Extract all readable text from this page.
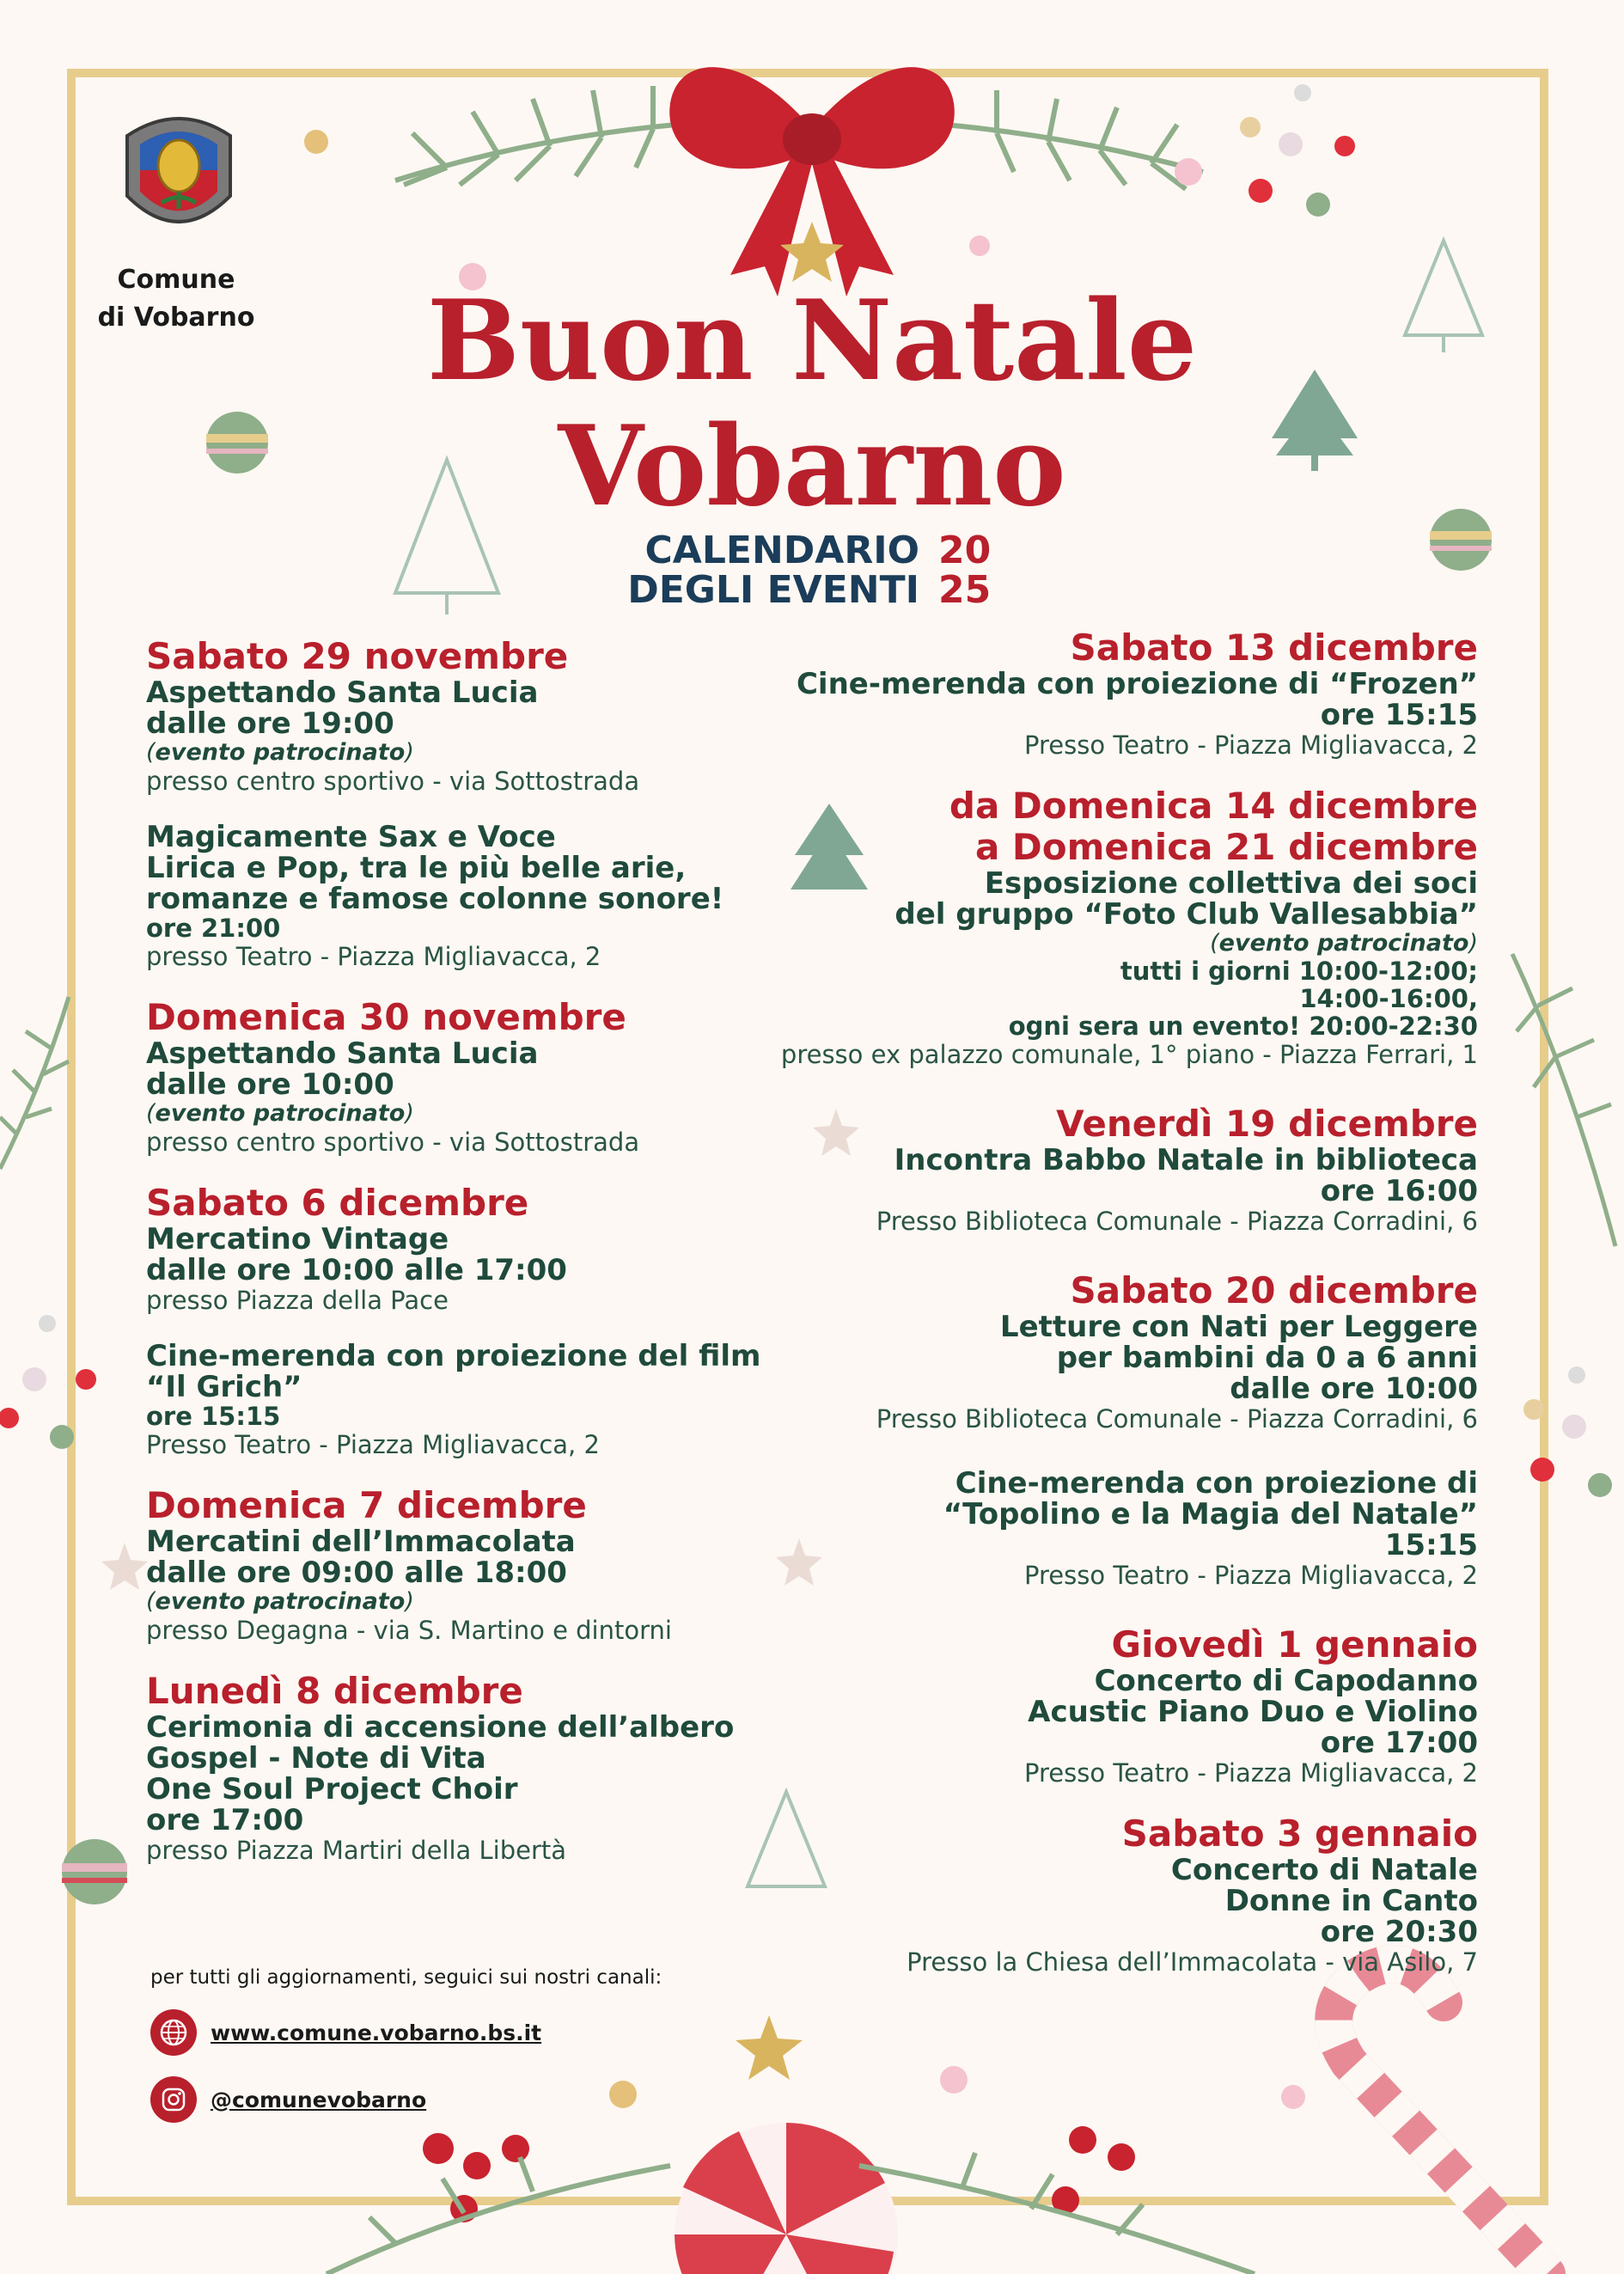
Comune
di Vobarno	Buon Natale
Vobarno
CALENDARIO
DEGLI EVENTI
20
25
Sabato 29 novembre
Aspettando Santa Lucia
dalle ore 19:00
(evento patrocinato)
presso centro sportivo - via Sottostrada
Magicamente Sax e Voce
Lirica e Pop, tra le più belle arie,
romanze e famose colonne sonore!
ore 21:00
presso Teatro - Piazza Migliavacca, 2
Domenica 30 novembre
Aspettando Santa Lucia
dalle ore 10:00
(evento patrocinato)
presso centro sportivo - via Sottostrada
Sabato 6 dicembre
Mercatino Vintage
dalle ore 10:00 alle 17:00
presso Piazza della Pace
Cine-merenda con proiezione del film
“Il Grich”
ore 15:15
Presso Teatro - Piazza Migliavacca, 2
Domenica 7 dicembre
Mercatini dell’Immacolata
dalle ore 09:00 alle 18:00
(evento patrocinato)
presso Degagna - via S. Martino e dintorni
Lunedì 8 dicembre
Cerimonia di accensione dell’albero
Gospel - Note di Vita
One Soul Project Choir
ore 17:00
presso Piazza Martiri della Libertà
Sabato 13 dicembre
Cine-merenda con proiezione di “Frozen”
ore 15:15
Presso Teatro - Piazza Migliavacca, 2
da Domenica 14 dicembre
a Domenica 21 dicembre
Esposizione collettiva dei soci
del gruppo “Foto Club Vallesabbia”
(evento patrocinato)
tutti i giorni 10:00-12:00;
14:00-16:00,
ogni sera un evento! 20:00-22:30
presso ex palazzo comunale, 1° piano - Piazza Ferrari, 1
Venerdì 19 dicembre
Incontra Babbo Natale in biblioteca
ore 16:00
Presso Biblioteca Comunale - Piazza Corradini, 6
Sabato 20 dicembre
Letture con Nati per Leggere
per bambini da 0 a 6 anni
dalle ore 10:00
Presso Biblioteca Comunale - Piazza Corradini, 6
Cine-merenda con proiezione di
“Topolino e la Magia del Natale”
15:15
Presso Teatro - Piazza Migliavacca, 2
Giovedì 1 gennaio
Concerto di Capodanno
Acustic Piano Duo e Violino
ore 17:00
Presso Teatro - Piazza Migliavacca, 2
Sabato 3 gennaio
Concerto di Natale
Donne in Canto
ore 20:30
Presso la Chiesa dell’Immacolata - via Asilo, 7
per tutti gli aggiornamenti, seguici sui nostri canali:
www.comune.vobarno.bs.it
@comunevobarno
